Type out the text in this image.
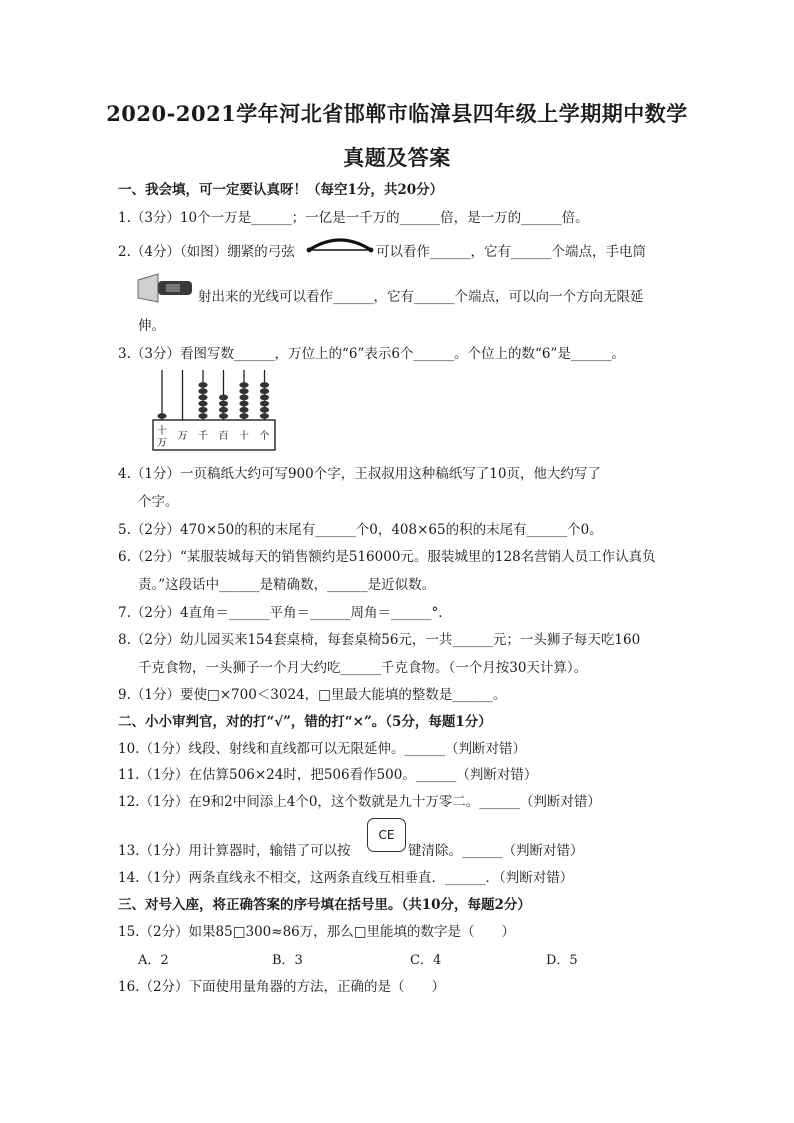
2020-2021学年河北省邯郸市临漳县四年级上学期期中数学
真题及答案
一、我会填，可一定要认真呀！（每空1分，共20分）
1.（3分）10个一万是______；一亿是一千万的______倍，是一万的______倍。
2.（4分）（如图）绷紧的弓弦	可以看作______，它有______个端点，手电筒
射出来的光线可以看作______，它有______个端点，可以向一个方向无限延
伸。
3.（3分）看图写数______，万位上的“6”表示6个______。个位上的数“6”是______。
十
万
万 千 百 十 个
4.（1分）一页稿纸大约可写900个字，王叔叔用这种稿纸写了10页，他大约写了
个字。
5.（2分）470×50的积的末尾有______个0，408×65的积的末尾有______个0。
6.（2分）“某服装城每天的销售额约是516000元。服装城里的128名营销人员工作认真负
责。”这段话中______是精确数，______是近似数。
7.（2分）4直角＝______平角＝______周角＝______°.
8.（2分）幼儿园买来154套桌椅，每套桌椅56元，一共______元；一头狮子每天吃160
千克食物，一头狮子一个月大约吃______千克食物。（一个月按30天计算）。
9.（1分）要使□×700＜3024，□里最大能填的整数是______。
二、小小审判官，对的打“√”，错的打“×”。（5分，每题1分）
10.（1分）线段、射线和直线都可以无限延伸。______（判断对错）
11.（1分）在估算506×24时，把506看作500。______（判断对错）
12.（1分）在9和2中间添上4个0，这个数就是九十万零二。______（判断对错）
13.（1分）用计算器时，输错了可以按
CE
键清除。______（判断对错）
14.（1分）两条直线永不相交，这两条直线互相垂直．______．（判断对错）
三、对号入座，将正确答案的序号填在括号里。（共10分，每题2分）
15.（2分）如果85□300≈86万，那么□里能填的数字是（　　）
A．2	B．3	C．4	D．5
16.（2分）下面使用量角器的方法，正确的是（　　）
